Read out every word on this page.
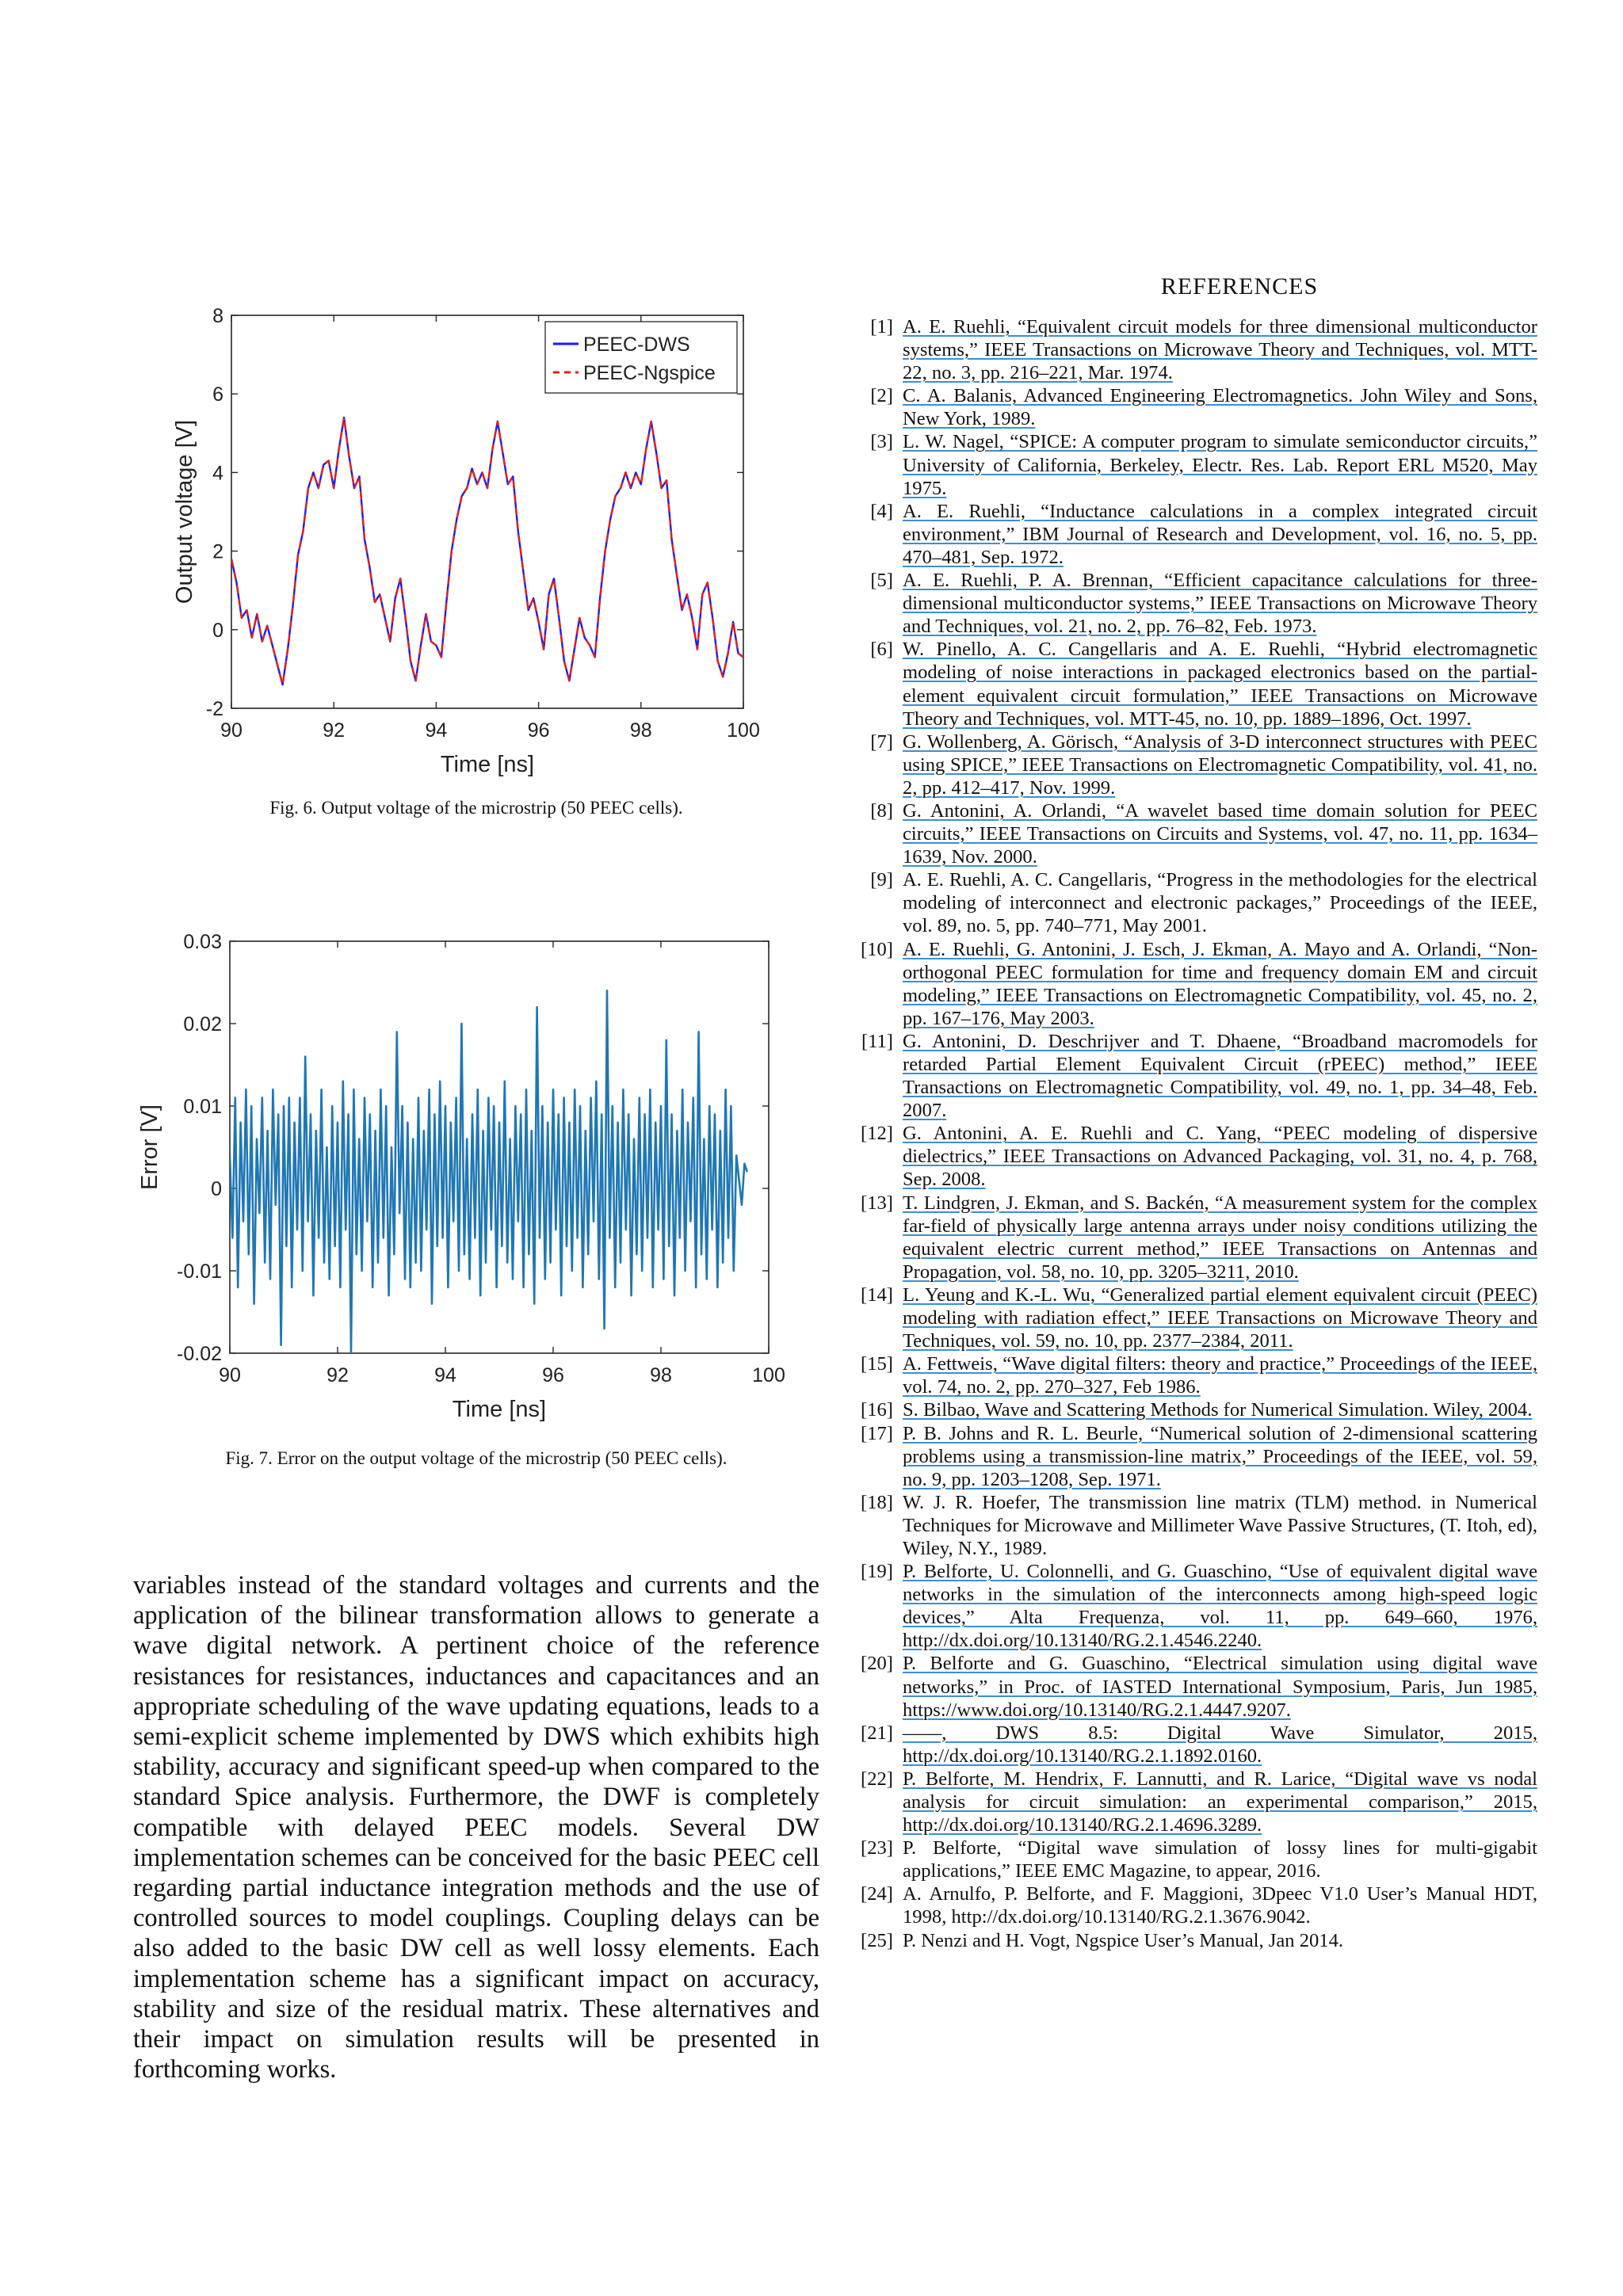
90	92	94	96	98	100
-2
0
2
4
6
8
Time [ns]
Output voltage [V]
PEEC-DWS
PEEC-Ngspice
Fig. 6. Output voltage of the microstrip (50 PEEC cells).
90	92	94	96	98	100
-0.02
-0.01
0
0.01
0.02
0.03
Time [ns]
Error [V]
Fig. 7. Error on the output voltage of the microstrip (50 PEEC cells).
variables instead of the standard voltages and currents and the application of the bilinear transformation allows to generate a wave digital network. A pertinent choice of the reference resistances for resistances, inductances and capacitances and an appropriate scheduling of the wave updating equations, leads to a semi-explicit scheme implemented by DWS which exhibits high stability, accuracy and significant speed-up when compared to the standard Spice analysis. Furthermore, the DWF is completely compatible with delayed PEEC models. Several DW implementation schemes can be conceived for the basic PEEC cell regarding partial inductance integration methods and the use of controlled sources to model couplings. Coupling delays can be also added to the basic DW cell as well lossy elements. Each implementation scheme has a significant impact on accuracy, stability and size of the residual matrix. These alternatives and their impact on simulation results will be presented in forthcoming works.
REFERENCES
[1] A. E. Ruehli, “Equivalent circuit models for three dimensional multiconductor systems,” IEEE Transactions on Microwave Theory and Techniques, vol. MTT-22, no. 3, pp. 216–221, Mar. 1974.
[2] C. A. Balanis, Advanced Engineering Electromagnetics. John Wiley and Sons, New York, 1989.
[3] L. W. Nagel, “SPICE: A computer program to simulate semiconductor circuits,” University of California, Berkeley, Electr. Res. Lab. Report ERL M520, May 1975.
[4] A. E. Ruehli, “Inductance calculations in a complex integrated circuit environment,” IBM Journal of Research and Development, vol. 16, no. 5, pp. 470–481, Sep. 1972.
[5] A. E. Ruehli, P. A. Brennan, “Efficient capacitance calculations for three-dimensional multiconductor systems,” IEEE Transactions on Microwave Theory and Techniques, vol. 21, no. 2, pp. 76–82, Feb. 1973.
[6] W. Pinello, A. C. Cangellaris and A. E. Ruehli, “Hybrid electromagnetic modeling of noise interactions in packaged electronics based on the partial-element equivalent circuit formulation,” IEEE Transactions on Microwave Theory and Techniques, vol. MTT-45, no. 10, pp. 1889–1896, Oct. 1997.
[7] G. Wollenberg, A. Görisch, “Analysis of 3-D interconnect structures with PEEC using SPICE,” IEEE Transactions on Electromagnetic Compatibility, vol. 41, no. 2, pp. 412–417, Nov. 1999.
[8] G. Antonini, A. Orlandi, “A wavelet based time domain solution for PEEC circuits,” IEEE Transactions on Circuits and Systems, vol. 47, no. 11, pp. 1634–1639, Nov. 2000.
[9] A. E. Ruehli, A. C. Cangellaris, “Progress in the methodologies for the electrical modeling of interconnect and electronic packages,” Proceedings of the IEEE, vol. 89, no. 5, pp. 740–771, May 2001.
[10] A. E. Ruehli, G. Antonini, J. Esch, J. Ekman, A. Mayo and A. Orlandi, “Non-orthogonal PEEC formulation for time and frequency domain EM and circuit modeling,” IEEE Transactions on Electromagnetic Compatibility, vol. 45, no. 2, pp. 167–176, May 2003.
[11] G. Antonini, D. Deschrijver and T. Dhaene, “Broadband macromodels for retarded Partial Element Equivalent Circuit (rPEEC) method,” IEEE Transactions on Electromagnetic Compatibility, vol. 49, no. 1, pp. 34–48, Feb. 2007.
[12] G. Antonini, A. E. Ruehli and C. Yang, “PEEC modeling of dispersive dielectrics,” IEEE Transactions on Advanced Packaging, vol. 31, no. 4, p. 768, Sep. 2008.
[13] T. Lindgren, J. Ekman, and S. Backén, “A measurement system for the complex far-field of physically large antenna arrays under noisy conditions utilizing the equivalent electric current method,” IEEE Transactions on Antennas and Propagation, vol. 58, no. 10, pp. 3205–3211, 2010.
[14] L. Yeung and K.-L. Wu, “Generalized partial element equivalent circuit (PEEC) modeling with radiation effect,” IEEE Transactions on Microwave Theory and Techniques, vol. 59, no. 10, pp. 2377–2384, 2011.
[15] A. Fettweis, “Wave digital filters: theory and practice,” Proceedings of the IEEE, vol. 74, no. 2, pp. 270–327, Feb 1986.
[16] S. Bilbao, Wave and Scattering Methods for Numerical Simulation. Wiley, 2004.
[17] P. B. Johns and R. L. Beurle, “Numerical solution of 2-dimensional scattering problems using a transmission-line matrix,” Proceedings of the IEEE, vol. 59, no. 9, pp. 1203–1208, Sep. 1971.
[18] W. J. R. Hoefer, The transmission line matrix (TLM) method. in Numerical Techniques for Microwave and Millimeter Wave Passive Structures, (T. Itoh, ed), Wiley, N.Y., 1989.
[19] P. Belforte, U. Colonnelli, and G. Guaschino, “Use of equivalent digital wave networks in the simulation of the interconnects among high-speed logic devices,” Alta Frequenza, vol. 11, pp. 649–660, 1976, http://dx.doi.org/10.13140/RG.2.1.4546.2240.
[20] P. Belforte and G. Guaschino, “Electrical simulation using digital wave networks,” in Proc. of IASTED International Symposium, Paris, Jun 1985, https://www.doi.org/10.13140/RG.2.1.4447.9207.
[21] ——, DWS 8.5: Digital Wave Simulator, 2015, http://dx.doi.org/10.13140/RG.2.1.1892.0160.
[22] P. Belforte, M. Hendrix, F. Lannutti, and R. Larice, “Digital wave vs nodal analysis for circuit simulation: an experimental comparison,” 2015, http://dx.doi.org/10.13140/RG.2.1.4696.3289.
[23] P. Belforte, “Digital wave simulation of lossy lines for multi-gigabit applications,” IEEE EMC Magazine, to appear, 2016.
[24] A. Arnulfo, P. Belforte, and F. Maggioni, 3Dpeec V1.0 User’s Manual HDT, 1998, http://dx.doi.org/10.13140/RG.2.1.3676.9042.
[25] P. Nenzi and H. Vogt, Ngspice User’s Manual, Jan 2014.
